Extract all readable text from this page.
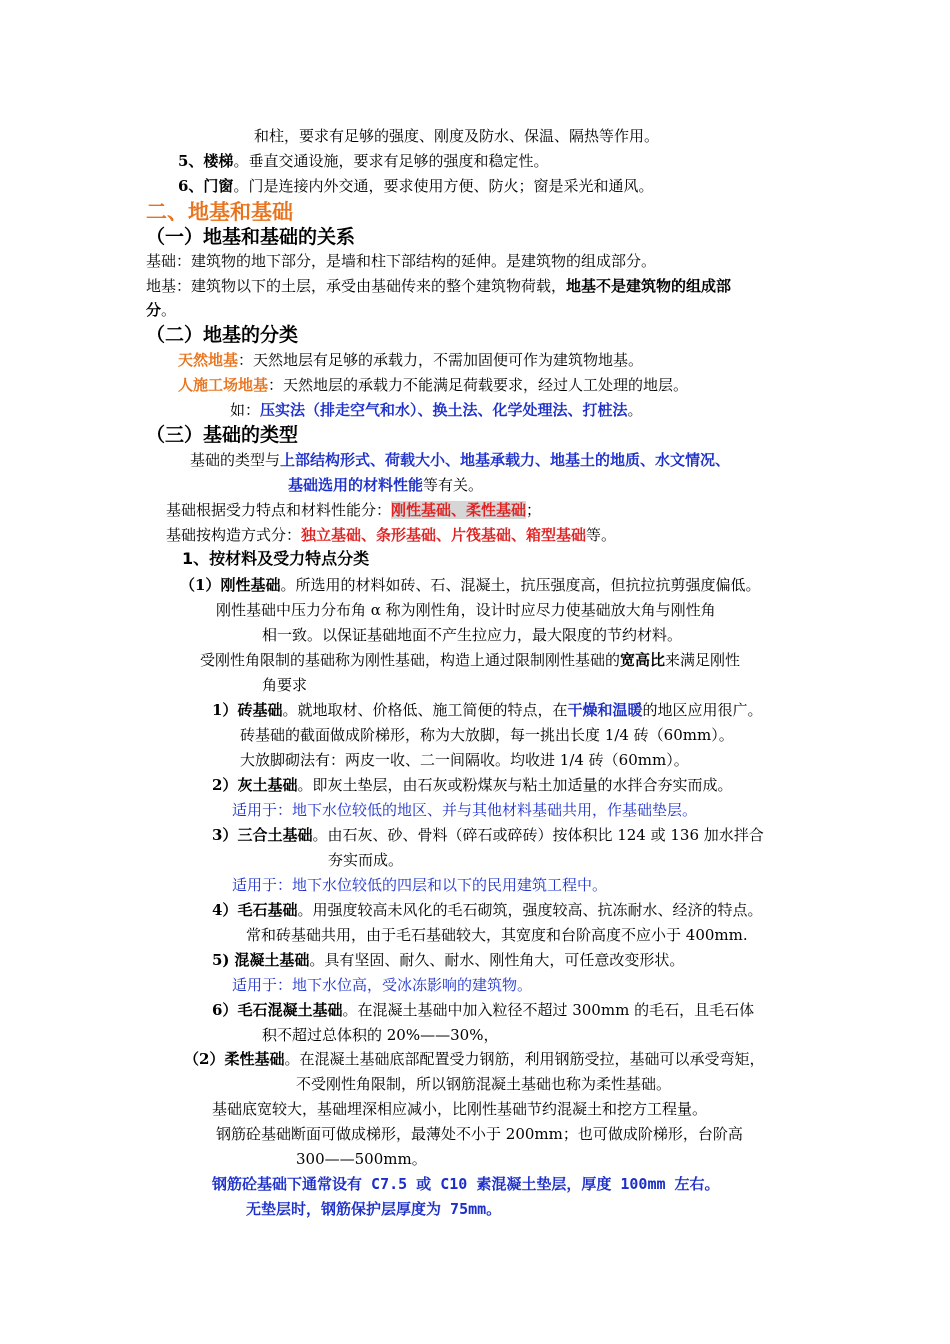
和柱，要求有足够的强度、刚度及防水、保温、隔热等作用。
5、楼梯。垂直交通设施，要求有足够的强度和稳定性。
6、门窗。门是连接内外交通，要求使用方便、防火；窗是采光和通风。
二、地基和基础
（一）地基和基础的关系
基础：建筑物的地下部分，是墙和柱下部结构的延伸。是建筑物的组成部分。
地基：建筑物以下的土层，承受由基础传来的整个建筑物荷载，地基不是建筑物的组成部
分。
（二）地基的分类
天然地基：天然地层有足够的承载力，不需加固便可作为建筑物地基。
人施工场地基：天然地层的承载力不能满足荷载要求，经过人工处理的地层。
如：压实法（排走空气和水）、换土法、化学处理法、打桩法。
（三）基础的类型
基础的类型与上部结构形式、荷载大小、地基承载力、地基土的地质、水文情况、
基础选用的材料性能等有关。
基础根据受力特点和材料性能分：刚性基础、柔性基础；
基础按构造方式分：独立基础、条形基础、片筏基础、箱型基础等。
1、按材料及受力特点分类
（1）刚性基础。所选用的材料如砖、石、混凝土，抗压强度高，但抗拉抗剪强度偏低。
刚性基础中压力分布角 α 称为刚性角，设计时应尽力使基础放大角与刚性角
相一致。以保证基础地面不产生拉应力，最大限度的节约材料。
受刚性角限制的基础称为刚性基础，构造上通过限制刚性基础的宽高比来满足刚性
角要求
1）砖基础。就地取材、价格低、施工简便的特点，在干燥和温暖的地区应用很广。
砖基础的截面做成阶梯形，称为大放脚，每一挑出长度 1/4 砖（60mm）。
大放脚砌法有：两皮一收、二一间隔收。均收进 1/4 砖（60mm）。
2）灰土基础。即灰土垫层，由石灰或粉煤灰与粘土加适量的水拌合夯实而成。
适用于：地下水位较低的地区、并与其他材料基础共用，作基础垫层。
3）三合土基础。由石灰、砂、骨料（碎石或碎砖）按体积比 124 或 136 加水拌合
夯实而成。
适用于：地下水位较低的四层和以下的民用建筑工程中。
4）毛石基础。用强度较高未风化的毛石砌筑，强度较高、抗冻耐水、经济的特点。
常和砖基础共用，由于毛石基础较大，其宽度和台阶高度不应小于 400mm.
5) 混凝土基础。具有坚固、耐久、耐水、刚性角大，可任意改变形状。
适用于：地下水位高，受冰冻影响的建筑物。
6）毛石混凝土基础。在混凝土基础中加入粒径不超过 300mm 的毛石，且毛石体
积不超过总体积的 20%——30%，
（2）柔性基础。在混凝土基础底部配置受力钢筋，利用钢筋受拉，基础可以承受弯矩，
不受刚性角限制，所以钢筋混凝土基础也称为柔性基础。
基础底宽较大，基础埋深相应减小，比刚性基础节约混凝土和挖方工程量。
钢筋砼基础断面可做成梯形，最薄处不小于 200mm；也可做成阶梯形，台阶高
300——500mm。
钢筋砼基础下通常设有 C7.5 或 C10 素混凝土垫层，厚度 100mm 左右。
无垫层时，钢筋保护层厚度为 75mm。
